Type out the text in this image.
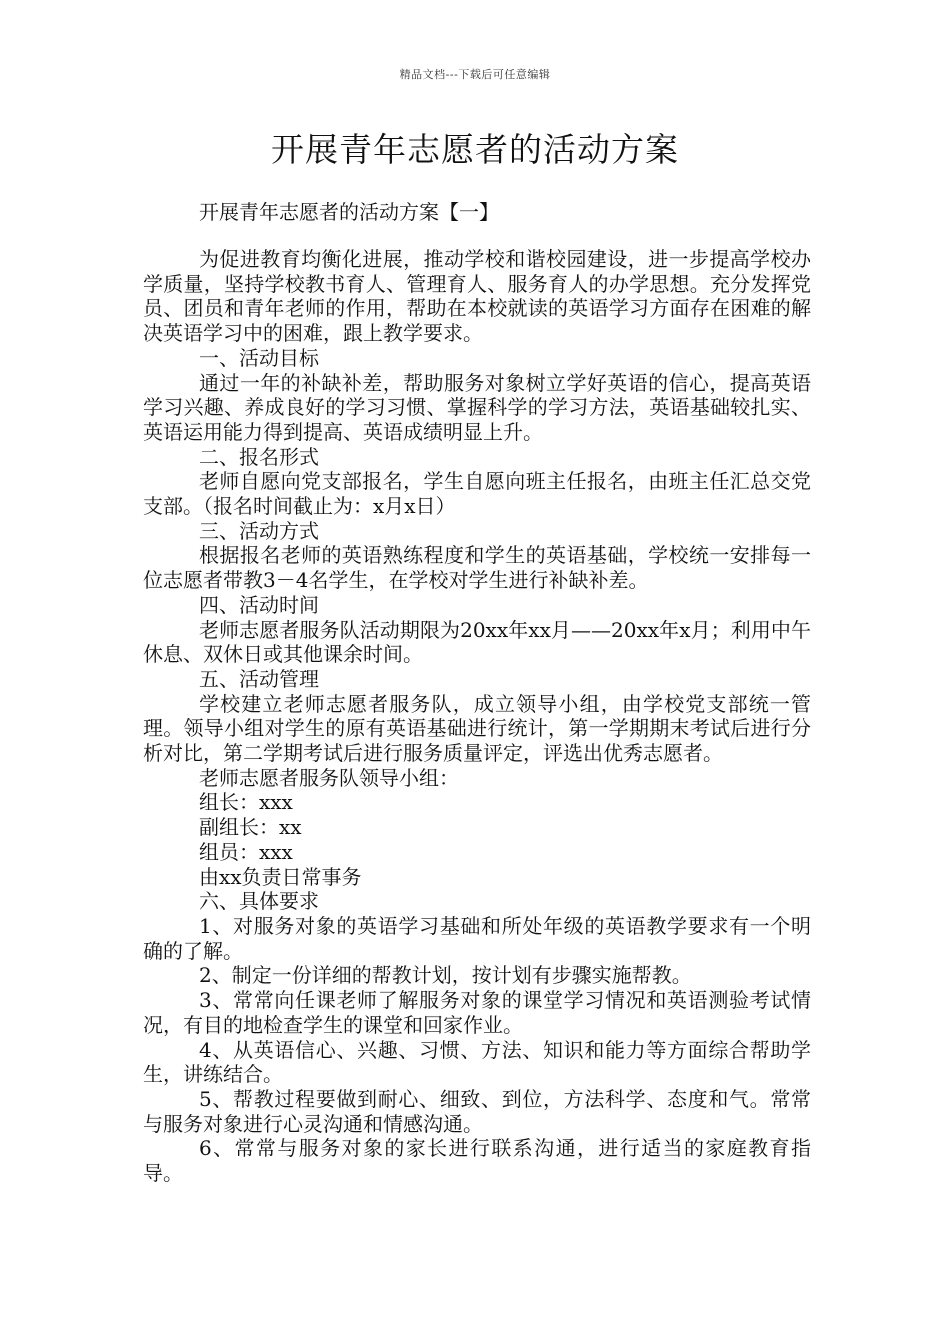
精品文档---下载后可任意编辑
开展青年志愿者的活动方案

开展青年志愿者的活动方案【一】

为促进教育均衡化进展，推动学校和谐校园建设，进一步提高学校办学质量，坚持学校教书育人、管理育人、服务育人的办学思想。充分发挥党员、团员和青年老师的作用，帮助在本校就读的英语学习方面存在困难的解决英语学习中的困难，跟上教学要求。

一、活动目标

通过一年的补缺补差，帮助服务对象树立学好英语的信心，提高英语学习兴趣、养成良好的学习习惯、掌握科学的学习方法，英语基础较扎实、英语运用能力得到提高、英语成绩明显上升。

二、报名形式

老师自愿向党支部报名，学生自愿向班主任报名，由班主任汇总交党支部。（报名时间截止为：x月x日）

三、活动方式

根据报名老师的英语熟练程度和学生的英语基础，学校统一安排每一位志愿者带教3－4名学生，在学校对学生进行补缺补差。

四、活动时间

老师志愿者服务队活动期限为20xx年xx月——20xx年x月；利用中午休息、双休日或其他课余时间。

五、活动管理

学校建立老师志愿者服务队，成立领导小组，由学校党支部统一管理。领导小组对学生的原有英语基础进行统计，第一学期期末考试后进行分析对比，第二学期考试后进行服务质量评定，评选出优秀志愿者。

老师志愿者服务队领导小组：

组长：xxx

副组长：xx

组员：xxx

由xx负责日常事务

六、具体要求

1、对服务对象的英语学习基础和所处年级的英语教学要求有一个明确的了解。

2、制定一份详细的帮教计划，按计划有步骤实施帮教。

3、常常向任课老师了解服务对象的课堂学习情况和英语测验考试情况，有目的地检查学生的课堂和回家作业。

4、从英语信心、兴趣、习惯、方法、知识和能力等方面综合帮助学生，讲练结合。

5、帮教过程要做到耐心、细致、到位，方法科学、态度和气。常常与服务对象进行心灵沟通和情感沟通。

6、常常与服务对象的家长进行联系沟通，进行适当的家庭教育指导。
